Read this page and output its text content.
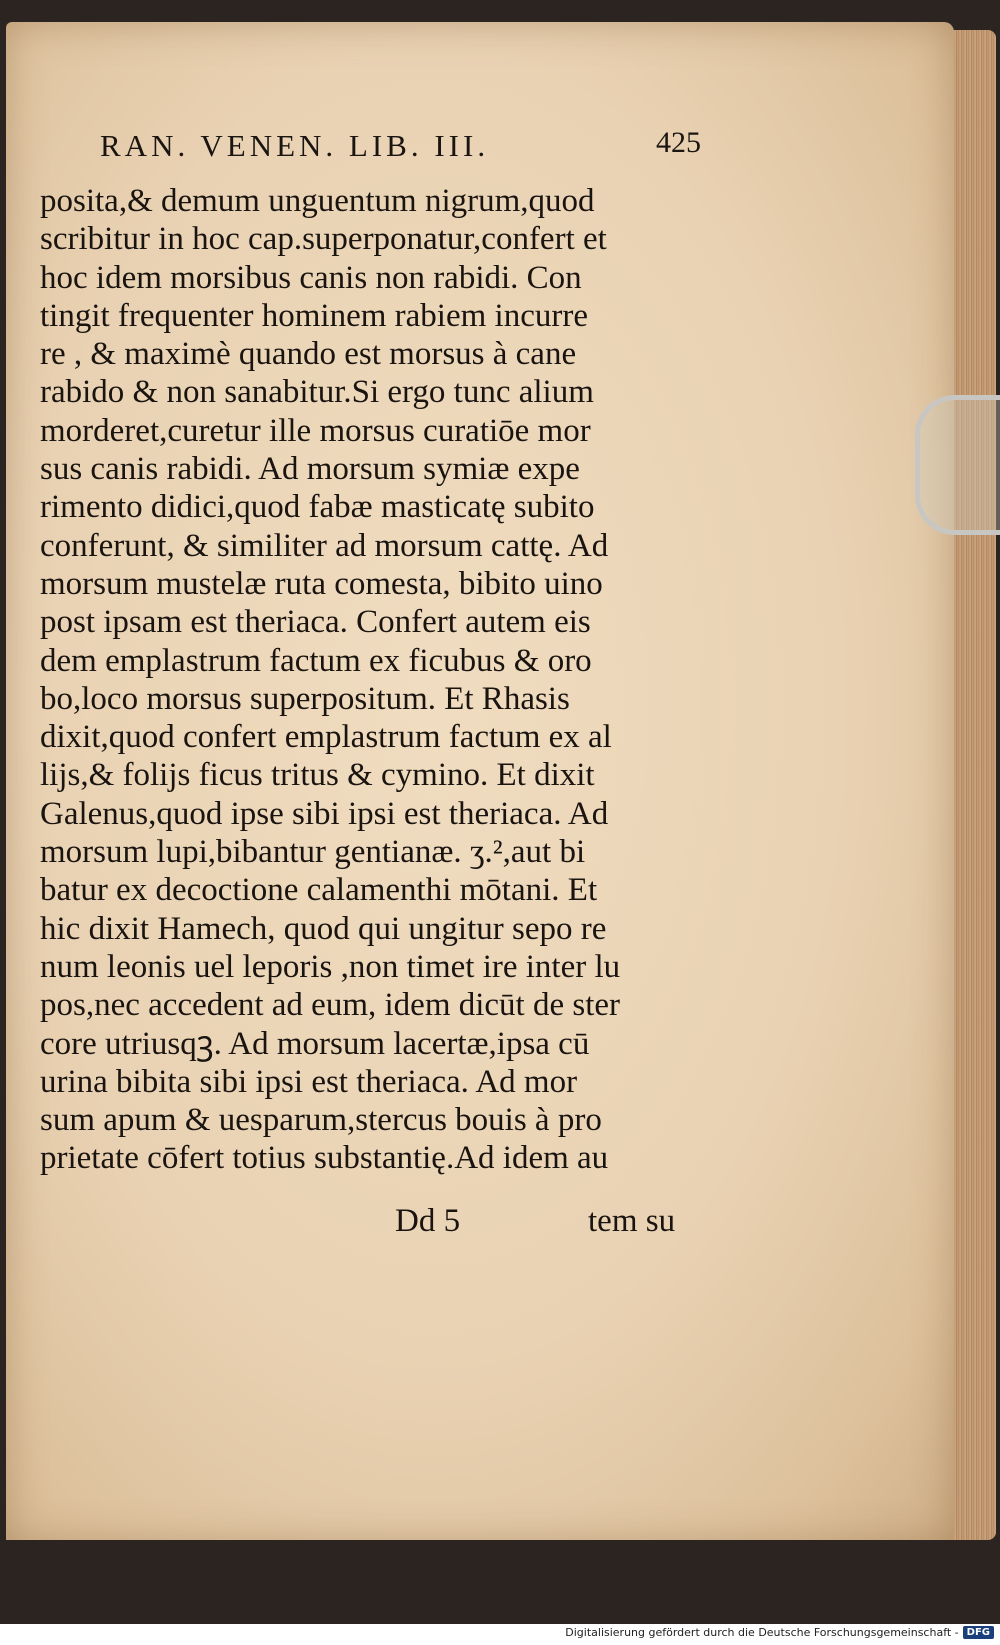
RAN. VENEN. LIB. III.	425
posita,& demum unguentum nigrum,quod
scribitur in hoc cap.superponatur,confert et
hoc idem morsibus canis non rabidi. Con
tingit frequenter hominem rabiem incurre
re , & maximè quando est morsus à cane
rabido & non sanabitur.Si ergo tunc alium
morderet,curetur ille morsus curatiōe mor
sus canis rabidi. Ad morsum symiæ expe
rimento didici,quod fabæ masticatę subito
conferunt, & similiter ad morsum cattę. Ad
morsum mustelæ ruta comesta, bibito uino
post ipsam est theriaca. Confert autem eis
dem emplastrum factum ex ficubus & oro
bo,loco morsus superpositum. Et Rhasis
dixit,quod confert emplastrum factum ex al
lijs,& folijs ficus tritus & cymino. Et dixit
Galenus,quod ipse sibi ipsi est theriaca. Ad
morsum lupi,bibantur gentianæ. ʒ.²,aut bi
batur ex decoctione calamenthi mōtani. Et
hic dixit Hamech, quod qui ungitur sepo re
num leonis uel leporis ,non timet ire inter lu
pos,nec accedent ad eum, idem dicūt de ster
core utriusqꝫ. Ad morsum lacertæ,ipsa cū
urina bibita sibi ipsi est theriaca. Ad mor
sum apum & uesparum,stercus bouis à pro
prietate cōfert totius substantię.Ad idem au
Dd 5	tem su
Digitalisierung gefördert durch die Deutsche Forschungsgemeinschaft - DFG
